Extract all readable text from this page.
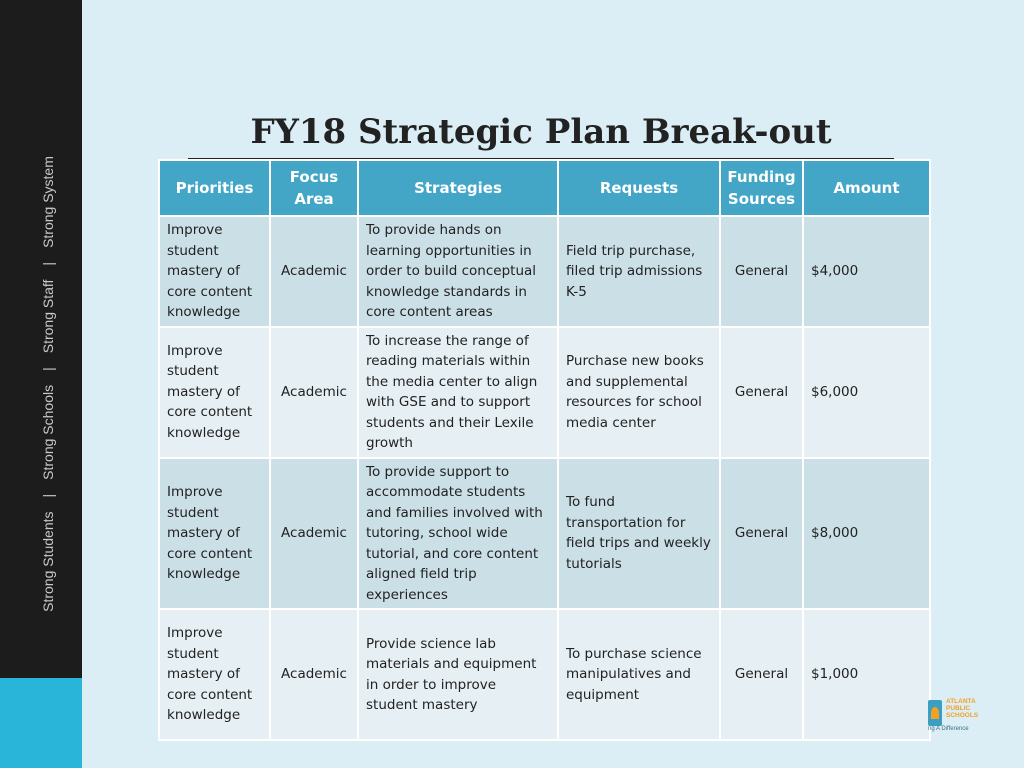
Strong Students|Strong Schools|Strong Staff|Strong System
FY18 Strategic Plan Break-out
Priorities	Focus Area	Strategies	Requests	Funding Sources	Amount
Improve student mastery of core content knowledge	Academic	To provide hands on learning opportunities in order to build conceptual knowledge standards in core content areas	Field trip purchase, filed trip admissions K-5	General	$4,000
Improve student mastery of core content knowledge	Academic	To increase the range of reading materials within the media center to align with GSE and to support students and their Lexile growth	Purchase new books and supplemental resources for school media center	General	$6,000
Improve student mastery of core content knowledge	Academic	To provide support to accommodate students and families involved with tutoring, school wide tutorial, and core content aligned field trip experiences	To fund transportation for field trips and weekly tutorials	General	$8,000
Improve student mastery of core content knowledge	Academic	Provide science lab materials and equipment in order to improve student mastery	To purchase science manipulatives and equipment	General	$1,000
ATLANTA
PUBLIC
SCHOOLS
ng A Difference
